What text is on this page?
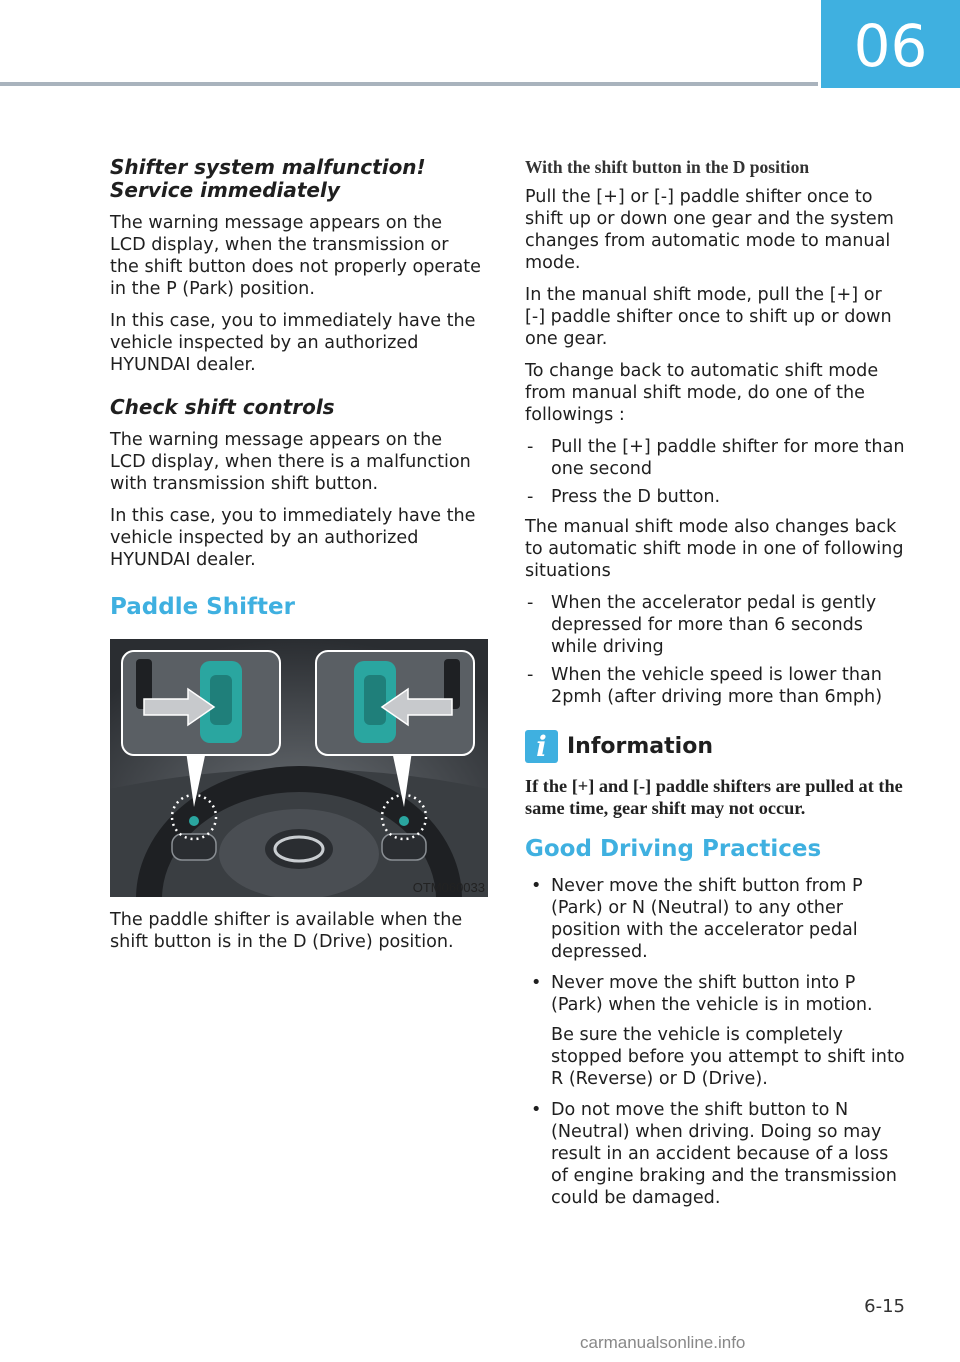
06
Shifter system malfunction! Service immediately

The warning message appears on the LCD display, when the transmission or the shift button does not properly operate in the P (Park) position.

In this case, you to immediately have the vehicle inspected by an authorized HYUNDAI dealer.

Check shift controls

The warning message appears on the LCD display, when there is a malfunction with transmission shift button.

In this case, you to immediately have the vehicle inspected by an authorized HYUNDAI dealer.

Paddle Shifter
OTM060033

The paddle shifter is available when the shift button is in the D (Drive) position.

With the shift button in the D position

Pull the [+] or [-] paddle shifter once to shift up or down one gear and the system changes from automatic mode to manual mode.

In the manual shift mode, pull the [+] or [-] paddle shifter once to shift up or down one gear.

To change back to automatic shift mode from manual shift mode, do one of the followings :

- Pull the [+] paddle shifter for more than one second
- Press the D button.

The manual shift mode also changes back to automatic shift mode in one of following situations

- When the accelerator pedal is gently depressed for more than 6 seconds while driving
- When the vehicle speed is lower than 2pmh (after driving more than 6mph)
i Information

If the [+] and [-] paddle shifters are pulled at the same time, gear shift may not occur.

Good Driving Practices
• Never move the shift button from P (Park) or N (Neutral) to any other position with the accelerator pedal depressed.
• Never move the shift button into P (Park) when the vehicle is in motion.
Be sure the vehicle is completely stopped before you attempt to shift into R (Reverse) or D (Drive).
• Do not move the shift button to N (Neutral) when driving. Doing so may result in an accident because of a loss of engine braking and the transmission could be damaged.
6-15
carmanualsonline.info
